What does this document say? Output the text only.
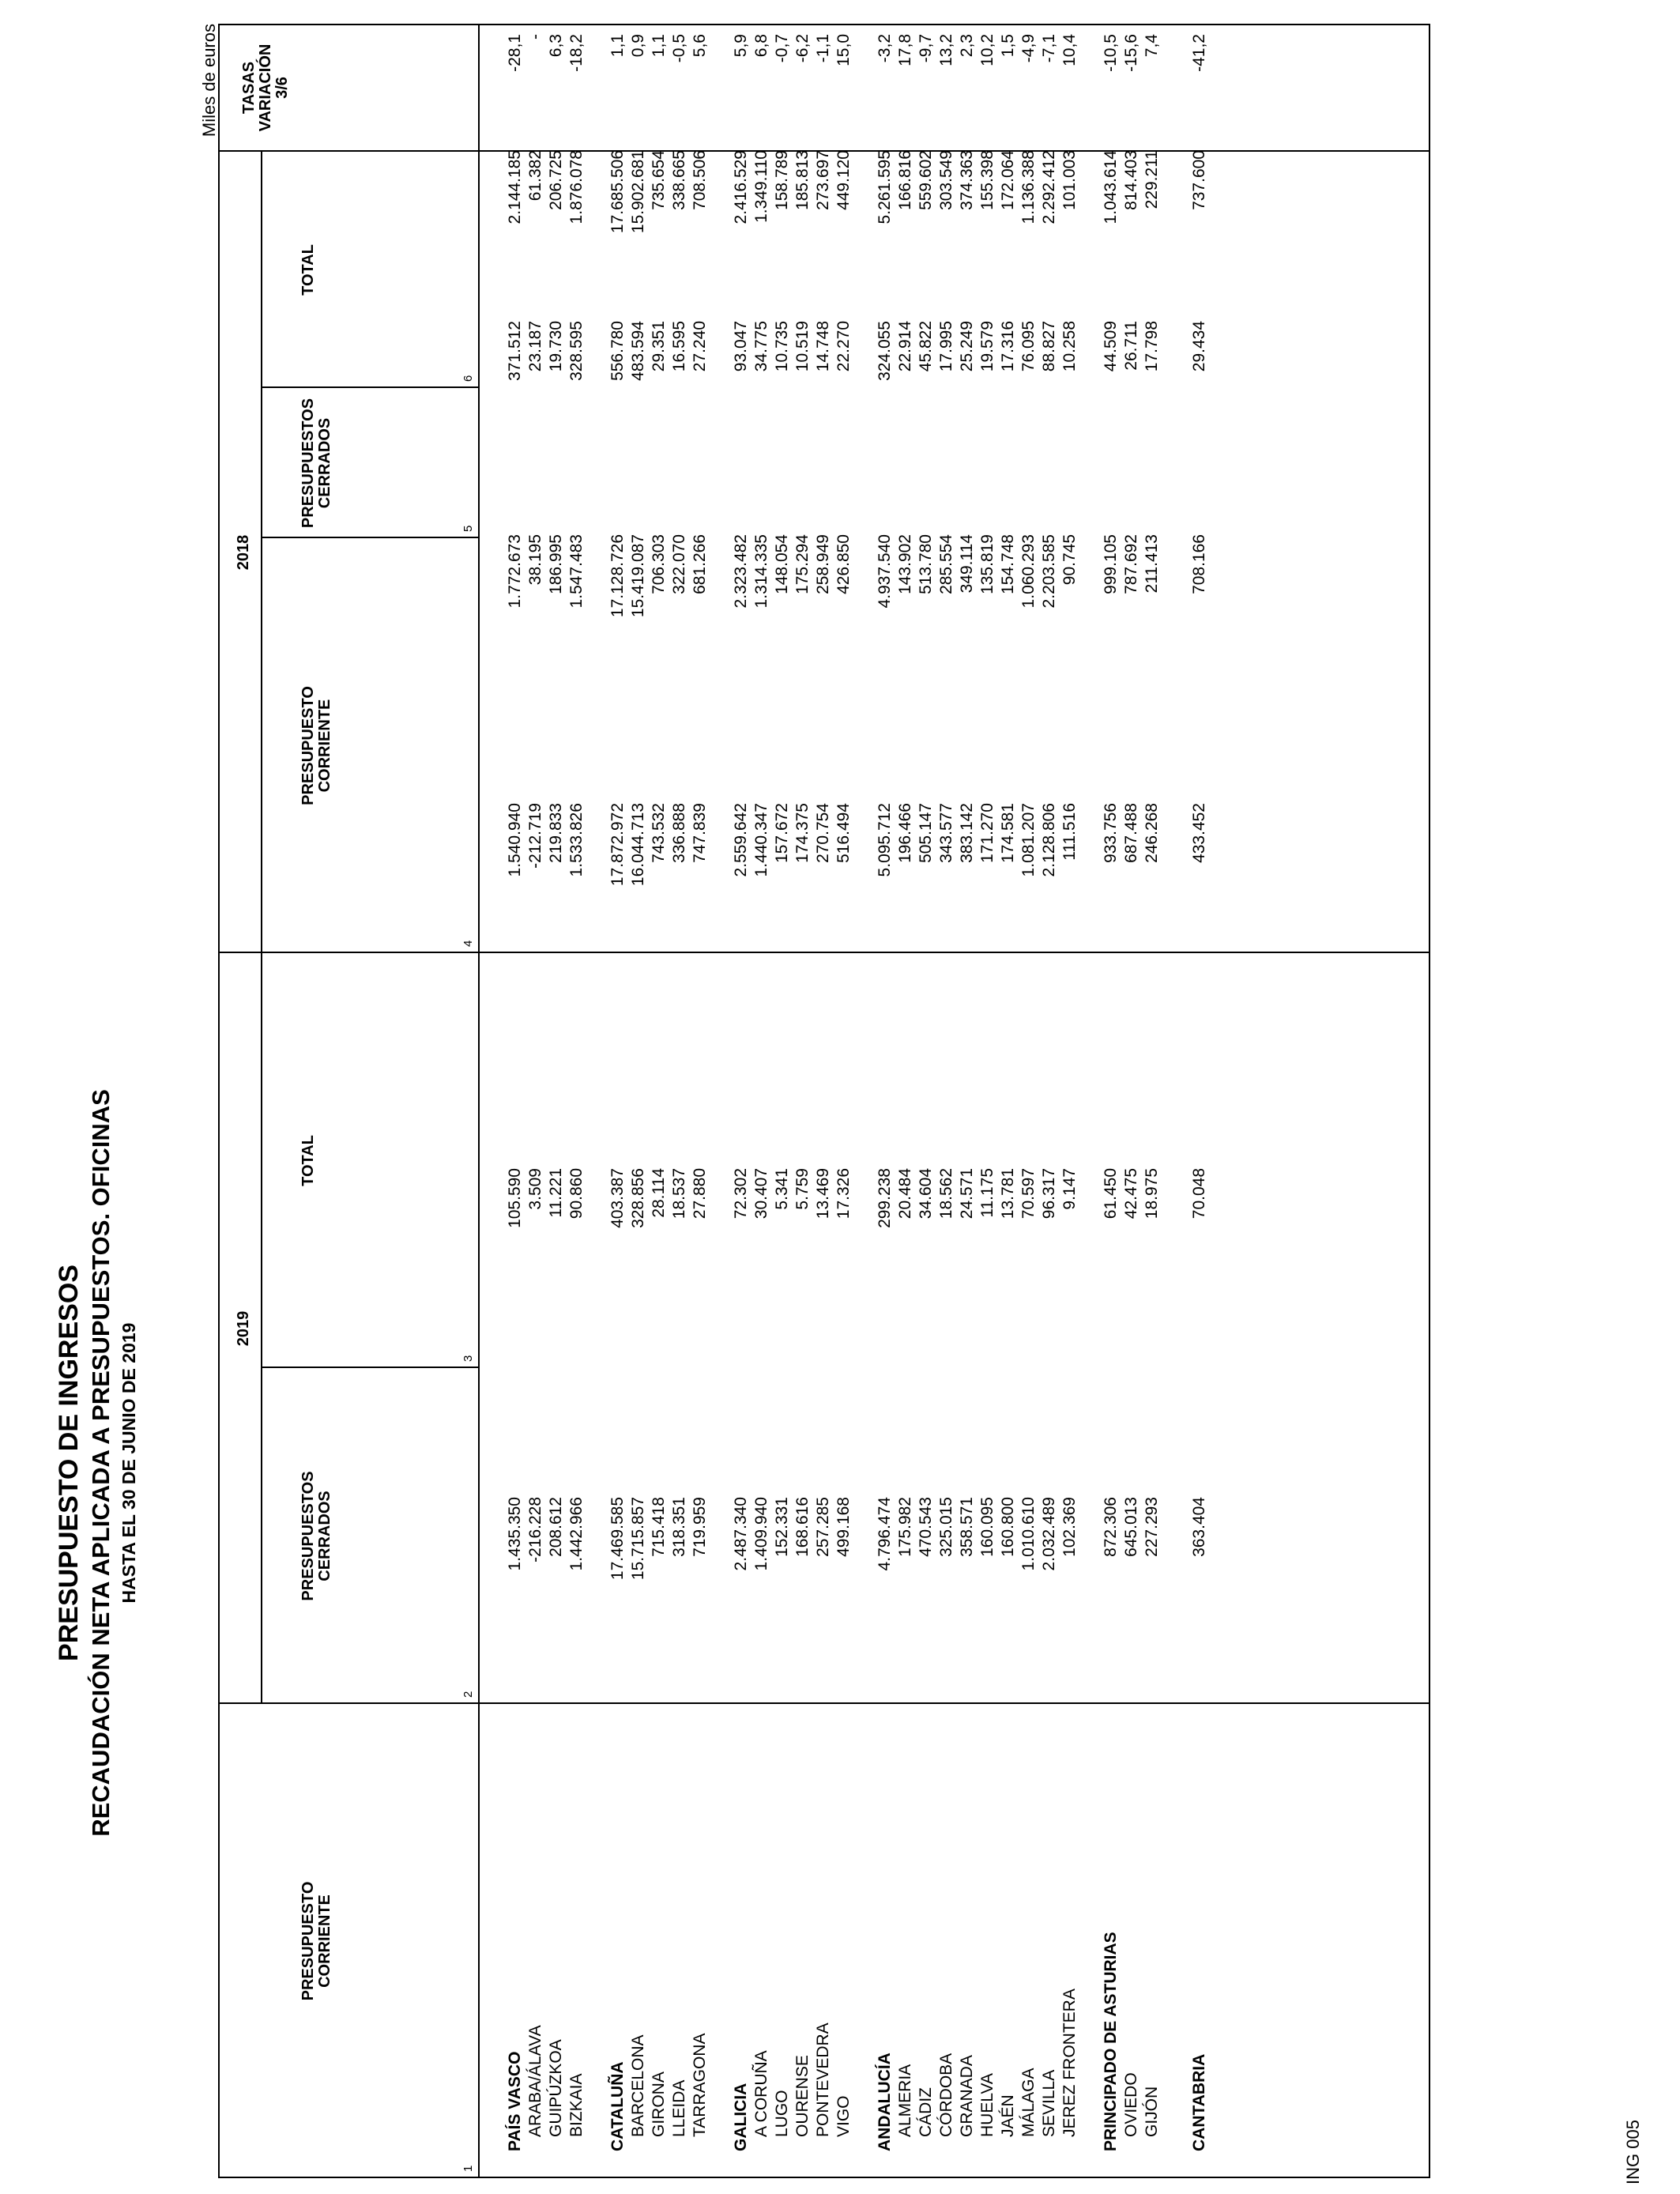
PRESUPUESTO DE INGRESOS RECAUDACIÓN NETA APLICADA A PRESUPUESTOS. OFICINAS HASTA EL 30 DE JUNIO DE 2019
Miles de euros
2019
2018
PRESUPUESTO
CORRIENTE
1
PRESUPUESTOS
CERRADOS
2
TOTAL
3
PRESUPUESTO
CORRIENTE
4
PRESUPUESTOS
CERRADOS
5
TOTAL
6
TASAS
VARIACIÓN
3/6
PAÍS VASCO
1.435.350
105.590
1.540.940
1.772.673
371.512
2.144.185
-28,1
ARABA/ÁLAVA
-216.228
3.509
-212.719
38.195
23.187
61.382
-
GUIPÚZKOA
208.612
11.221
219.833
186.995
19.730
206.725
6,3
BIZKAIA
1.442.966
90.860
1.533.826
1.547.483
328.595
1.876.078
-18,2
CATALUÑA
17.469.585
403.387
17.872.972
17.128.726
556.780
17.685.506
1,1
BARCELONA
15.715.857
328.856
16.044.713
15.419.087
483.594
15.902.681
0,9
GIRONA
715.418
28.114
743.532
706.303
29.351
735.654
1,1
LLEIDA
318.351
18.537
336.888
322.070
16.595
338.665
-0,5
TARRAGONA
719.959
27.880
747.839
681.266
27.240
708.506
5,6
GALICIA
2.487.340
72.302
2.559.642
2.323.482
93.047
2.416.529
5,9
A CORUÑA
1.409.940
30.407
1.440.347
1.314.335
34.775
1.349.110
6,8
LUGO
152.331
5.341
157.672
148.054
10.735
158.789
-0,7
OURENSE
168.616
5.759
174.375
175.294
10.519
185.813
-6,2
PONTEVEDRA
257.285
13.469
270.754
258.949
14.748
273.697
-1,1
VIGO
499.168
17.326
516.494
426.850
22.270
449.120
15,0
ANDALUCÍA
4.796.474
299.238
5.095.712
4.937.540
324.055
5.261.595
-3,2
ALMERIA
175.982
20.484
196.466
143.902
22.914
166.816
17,8
CÁDIZ
470.543
34.604
505.147
513.780
45.822
559.602
-9,7
CÓRDOBA
325.015
18.562
343.577
285.554
17.995
303.549
13,2
GRANADA
358.571
24.571
383.142
349.114
25.249
374.363
2,3
HUELVA
160.095
11.175
171.270
135.819
19.579
155.398
10,2
JAÉN
160.800
13.781
174.581
154.748
17.316
172.064
1,5
MÁLAGA
1.010.610
70.597
1.081.207
1.060.293
76.095
1.136.388
-4,9
SEVILLA
2.032.489
96.317
2.128.806
2.203.585
88.827
2.292.412
-7,1
JEREZ FRONTERA
102.369
9.147
111.516
90.745
10.258
101.003
10,4
PRINCIPADO DE ASTURIAS
872.306
61.450
933.756
999.105
44.509
1.043.614
-10,5
OVIEDO
645.013
42.475
687.488
787.692
26.711
814.403
-15,6
GIJÓN
227.293
18.975
246.268
211.413
17.798
229.211
7,4
CANTABRIA
363.404
70.048
433.452
708.166
29.434
737.600
-41,2
ING 005
